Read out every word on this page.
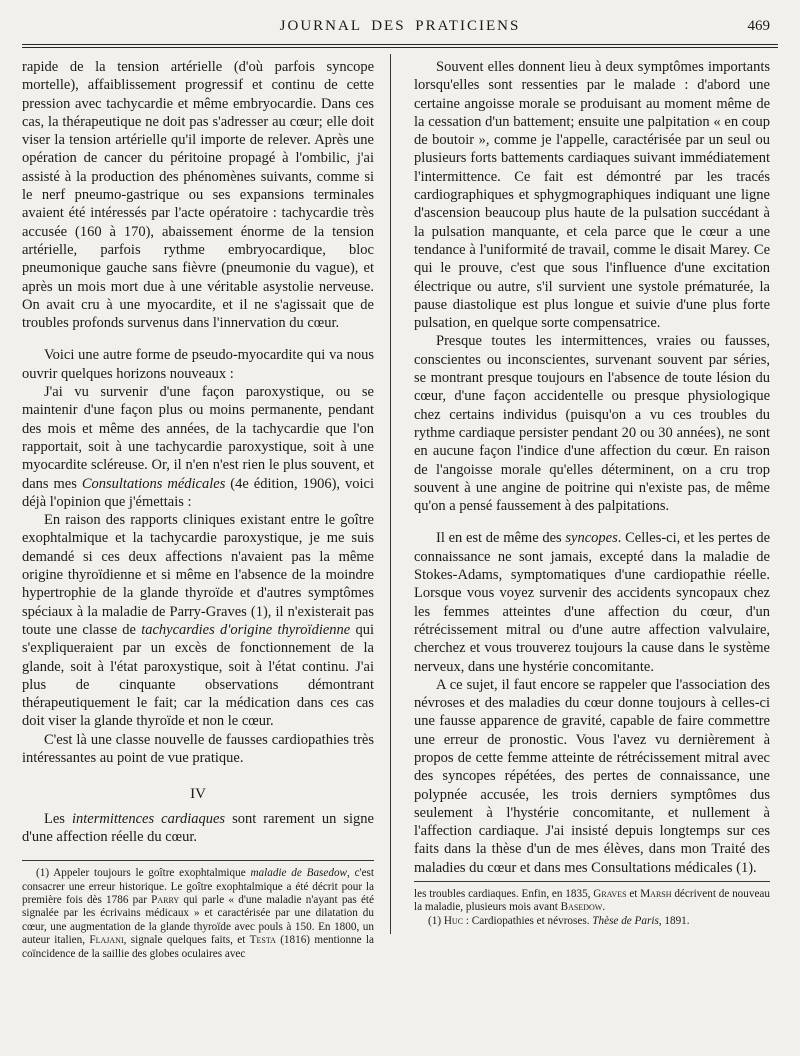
JOURNAL DES PRATICIENS	469

rapide de la tension artérielle (d'où parfois syncope mortelle), affaiblissement progressif et continu de cette pression avec tachycardie et même embryocardie. Dans ces cas, la thérapeutique ne doit pas s'adresser au cœur; elle doit viser la tension artérielle qu'il importe de relever. Après une opération de cancer du péritoine propagé à l'ombilic, j'ai assisté à la production des phénomènes suivants, comme si le nerf pneumo-gastrique ou ses expansions terminales avaient été intéressés par l'acte opératoire : tachycardie très accusée (160 à 170), abaissement énorme de la tension artérielle, parfois rythme embryocardique, bloc pneumonique gauche sans fièvre (pneumonie du vague), et après un mois mort due à une véritable asystolie nerveuse. On avait cru à une myocardite, et il ne s'agissait que de troubles profonds survenus dans l'innervation du cœur.

Voici une autre forme de pseudo-myocardite qui va nous ouvrir quelques horizons nouveaux :

J'ai vu survenir d'une façon paroxystique, ou se maintenir d'une façon plus ou moins permanente, pendant des mois et même des années, de la tachycardie que l'on rapportait, soit à une tachycardie paroxystique, soit à une myocardite scléreuse. Or, il n'en n'est rien le plus souvent, et dans mes Consultations médicales (4e édition, 1906), voici déjà l'opinion que j'émettais :

En raison des rapports cliniques existant entre le goître exophtalmique et la tachycardie paroxystique, je me suis demandé si ces deux affections n'avaient pas la même origine thyroïdienne et si même en l'absence de la moindre hypertrophie de la glande thyroïde et d'autres symptômes spéciaux à la maladie de Parry-Graves (1), il n'existerait pas toute une classe de tachycardies d'origine thyroïdienne qui s'expliqueraient par un excès de fonctionnement de la glande, soit à l'état paroxystique, soit à l'état continu. J'ai plus de cinquante observations démontrant thérapeutiquement le fait; car la médication dans ces cas doit viser la glande thyroïde et non le cœur.

C'est là une classe nouvelle de fausses cardiopathies très intéressantes au point de vue pratique.

IV

Les intermittences cardiaques sont rarement un signe d'une affection réelle du cœur.

(1) Appeler toujours le goître exophtalmique maladie de Basedow, c'est consacrer une erreur historique. Le goître exophtalmique a été décrit pour la première fois dès 1786 par Parry qui parle « d'une maladie n'ayant pas été signalée par les écrivains médicaux » et caractérisée par une dilatation du cœur, une augmentation de la glande thyroïde avec pouls à 150. En 1800, un auteur italien, Flajani, signale quelques faits, et Testa (1816) mentionne la coïncidence de la saillie des globes oculaires avec

Souvent elles donnent lieu à deux symptômes importants lorsqu'elles sont ressenties par le malade : d'abord une certaine angoisse morale se produisant au moment même de la cessation d'un battement; ensuite une palpitation « en coup de boutoir », comme je l'appelle, caractérisée par un seul ou plusieurs forts battements cardiaques suivant immédiatement l'intermittence. Ce fait est démontré par les tracés cardiographiques et sphygmographiques indiquant une ligne d'ascension beaucoup plus haute de la pulsation succédant à la pulsation manquante, et cela parce que le cœur a une tendance à l'uniformité de travail, comme le disait Marey. Ce qui le prouve, c'est que sous l'influence d'une excitation électrique ou autre, s'il survient une systole prématurée, la pause diastolique est plus longue et suivie d'une plus forte pulsation, en quelque sorte compensatrice.

Presque toutes les intermittences, vraies ou fausses, conscientes ou inconscientes, survenant souvent par séries, se montrant presque toujours en l'absence de toute lésion du cœur, d'une façon accidentelle ou presque physiologique chez certains individus (puisqu'on a vu ces troubles du rythme cardiaque persister pendant 20 ou 30 années), ne sont en aucune façon l'indice d'une affection du cœur. En raison de l'angoisse morale qu'elles déterminent, on a cru trop souvent à une angine de poitrine qui n'existe pas, de même qu'on a pensé faussement à des palpitations.

Il en est de même des syncopes. Celles-ci, et les pertes de connaissance ne sont jamais, excepté dans la maladie de Stokes-Adams, symptomatiques d'une cardiopathie réelle. Lorsque vous voyez survenir des accidents syncopaux chez les femmes atteintes d'une affection du cœur, d'un rétrécissement mitral ou d'une autre affection valvulaire, cherchez et vous trouverez toujours la cause dans le système nerveux, dans une hystérie concomitante.

A ce sujet, il faut encore se rappeler que l'association des névroses et des maladies du cœur donne toujours à celles-ci une fausse apparence de gravité, capable de faire commettre une erreur de pronostic. Vous l'avez vu dernièrement à propos de cette femme atteinte de rétrécissement mitral avec des syncopes répétées, des pertes de connaissance, une polypnée accusée, les trois derniers symptômes dus seulement à l'hystérie concomitante, et nullement à l'affection cardiaque. J'ai insisté depuis longtemps sur ces faits dans la thèse d'un de mes élèves, dans mon Traité des maladies du cœur et dans mes Consultations médicales (1).

les troubles cardiaques. Enfin, en 1835, Graves et Marsh décrivent de nouveau la maladie, plusieurs mois avant Basedow.

(1) Huc : Cardiopathies et névroses. Thèse de Paris, 1891.
